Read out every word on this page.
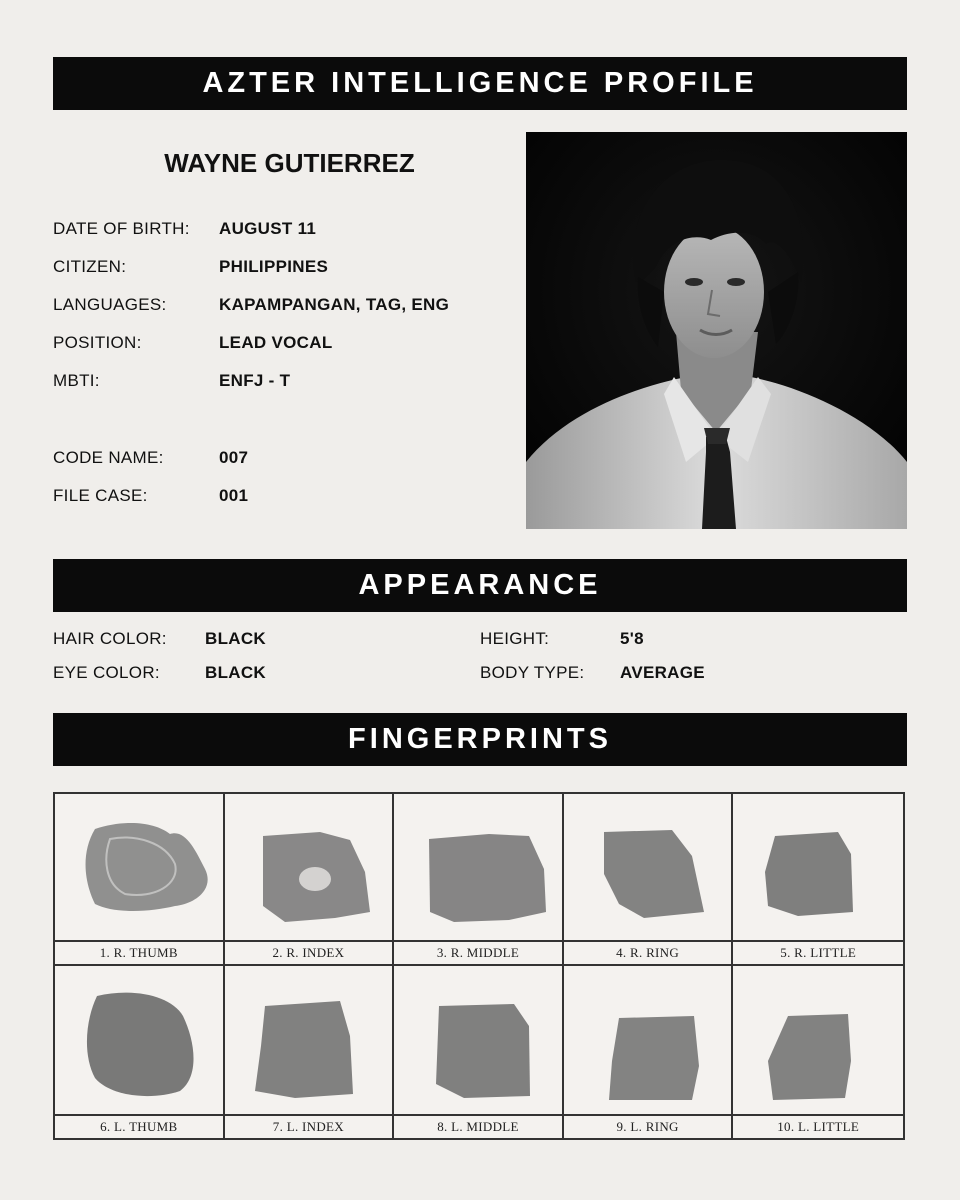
AZTER INTELLIGENCE PROFILE
WAYNE GUTIERREZ
DATE OF BIRTH: AUGUST 11
CITIZEN:	PHILIPPINES
LANGUAGES:	KAPAMPANGAN, TAG, ENG
POSITION:	LEAD VOCAL
MBTI:	ENFJ - T
CODE NAME:	007
FILE CASE:	001
APPEARANCE
HAIR COLOR: BLACK
EYE COLOR:	BLACK
HEIGHT:	5'8
BODY TYPE: AVERAGE
FINGERPRINTS
1. R. THUMB	2. R. INDEX	3. R. MIDDLE	4. R. RING	5. R. LITTLE
6. L. THUMB	7. L. INDEX	8. L. MIDDLE	9. L. RING	10. L. LITTLE
